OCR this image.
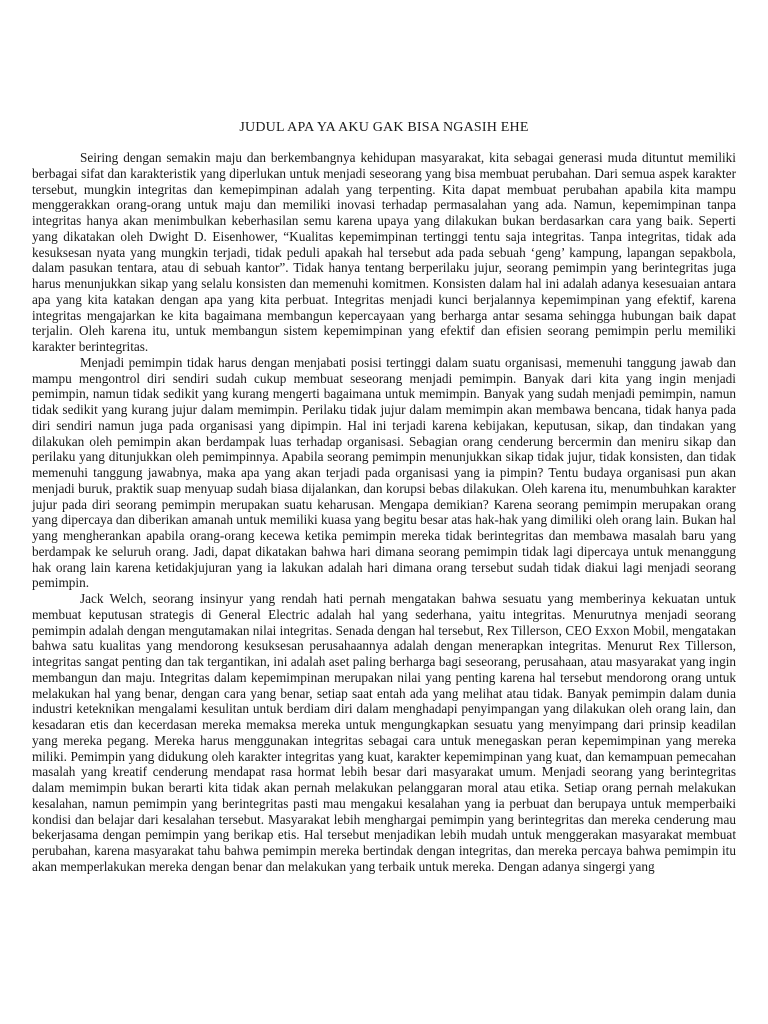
JUDUL APA YA AKU GAK BISA NGASIH EHE

Seiring dengan semakin maju dan berkembangnya kehidupan masyarakat, kita sebagai generasi muda dituntut memiliki berbagai sifat dan karakteristik yang diperlukan untuk menjadi seseorang yang bisa membuat perubahan. Dari semua aspek karakter tersebut, mungkin integritas dan kemepimpinan adalah yang terpenting. Kita dapat membuat perubahan apabila kita mampu menggerakkan orang-orang untuk maju dan memiliki inovasi terhadap permasalahan yang ada. Namun, kepemimpinan tanpa integritas hanya akan menimbulkan keberhasilan semu karena upaya yang dilakukan bukan berdasarkan cara yang baik. Seperti yang dikatakan oleh Dwight D. Eisenhower, “Kualitas kepemimpinan tertinggi tentu saja integritas. Tanpa integritas, tidak ada kesuksesan nyata yang mungkin terjadi, tidak peduli apakah hal tersebut ada pada sebuah ‘geng’ kampung, lapangan sepakbola, dalam pasukan tentara, atau di sebuah kantor”. Tidak hanya tentang berperilaku jujur, seorang pemimpin yang berintegritas juga harus menunjukkan sikap yang selalu konsisten dan memenuhi komitmen. Konsisten dalam hal ini adalah adanya kesesuaian antara apa yang kita katakan dengan apa yang kita perbuat. Integritas menjadi kunci berjalannya kepemimpinan yang efektif, karena integritas mengajarkan ke kita bagaimana membangun kepercayaan yang berharga antar sesama sehingga hubungan baik dapat terjalin. Oleh karena itu, untuk membangun sistem kepemimpinan yang efektif dan efisien seorang pemimpin perlu memiliki karakter berintegritas.

Menjadi pemimpin tidak harus dengan menjabati posisi tertinggi dalam suatu organisasi, memenuhi tanggung jawab dan mampu mengontrol diri sendiri sudah cukup membuat seseorang menjadi pemimpin. Banyak dari kita yang ingin menjadi pemimpin, namun tidak sedikit yang kurang mengerti bagaimana untuk memimpin. Banyak yang sudah menjadi pemimpin, namun tidak sedikit yang kurang jujur dalam memimpin. Perilaku tidak jujur dalam memimpin akan membawa bencana, tidak hanya pada diri sendiri namun juga pada organisasi yang dipimpin. Hal ini terjadi karena kebijakan, keputusan, sikap, dan tindakan yang dilakukan oleh pemimpin akan berdampak luas terhadap organisasi. Sebagian orang cenderung bercermin dan meniru sikap dan perilaku yang ditunjukkan oleh pemimpinnya. Apabila seorang pemimpin menunjukkan sikap tidak jujur, tidak konsisten, dan tidak memenuhi tanggung jawabnya, maka apa yang akan terjadi pada organisasi yang ia pimpin? Tentu budaya organisasi pun akan menjadi buruk, praktik suap menyuap sudah biasa dijalankan, dan korupsi bebas dilakukan. Oleh karena itu, menumbuhkan karakter jujur pada diri seorang pemimpin merupakan suatu keharusan. Mengapa demikian? Karena seorang pemimpin merupakan orang yang dipercaya dan diberikan amanah untuk memiliki kuasa yang begitu besar atas hak-hak yang dimiliki oleh orang lain. Bukan hal yang mengherankan apabila orang-orang kecewa ketika pemimpin mereka tidak berintegritas dan membawa masalah baru yang berdampak ke seluruh orang. Jadi, dapat dikatakan bahwa hari dimana seorang pemimpin tidak lagi dipercaya untuk menanggung hak orang lain karena ketidakjujuran yang ia lakukan adalah hari dimana orang tersebut sudah tidak diakui lagi menjadi seorang pemimpin.

Jack Welch, seorang insinyur yang rendah hati pernah mengatakan bahwa sesuatu yang memberinya kekuatan untuk membuat keputusan strategis di General Electric adalah hal yang sederhana, yaitu integritas. Menurutnya menjadi seorang pemimpin adalah dengan mengutamakan nilai integritas. Senada dengan hal tersebut, Rex Tillerson, CEO Exxon Mobil, mengatakan bahwa satu kualitas yang mendorong kesuksesan perusahaannya adalah dengan menerapkan integritas. Menurut Rex Tillerson, integritas sangat penting dan tak tergantikan, ini adalah aset paling berharga bagi seseorang, perusahaan, atau masyarakat yang ingin membangun dan maju. Integritas dalam kepemimpinan merupakan nilai yang penting karena hal tersebut mendorong orang untuk melakukan hal yang benar, dengan cara yang benar, setiap saat entah ada yang melihat atau tidak. Banyak pemimpin dalam dunia industri keteknikan mengalami kesulitan untuk berdiam diri dalam menghadapi penyimpangan yang dilakukan oleh orang lain, dan kesadaran etis dan kecerdasan mereka memaksa mereka untuk mengungkapkan sesuatu yang menyimpang dari prinsip keadilan yang mereka pegang. Mereka harus menggunakan integritas sebagai cara untuk menegaskan peran kepemimpinan yang mereka miliki. Pemimpin yang didukung oleh karakter integritas yang kuat, karakter kepemimpinan yang kuat, dan kemampuan pemecahan masalah yang kreatif cenderung mendapat rasa hormat lebih besar dari masyarakat umum. Menjadi seorang yang berintegritas dalam memimpin bukan berarti kita tidak akan pernah melakukan pelanggaran moral atau etika. Setiap orang pernah melakukan kesalahan, namun pemimpin yang berintegritas pasti mau mengakui kesalahan yang ia perbuat dan berupaya untuk memperbaiki kondisi dan belajar dari kesalahan tersebut. Masyarakat lebih menghargai pemimpin yang berintegritas dan mereka cenderung mau bekerjasama dengan pemimpin yang berikap etis. Hal tersebut menjadikan lebih mudah untuk menggerakan masyarakat membuat perubahan, karena masyarakat tahu bahwa pemimpin mereka bertindak dengan integritas, dan mereka percaya bahwa pemimpin itu akan memperlakukan mereka dengan benar dan melakukan yang terbaik untuk mereka. Dengan adanya singergi yang
